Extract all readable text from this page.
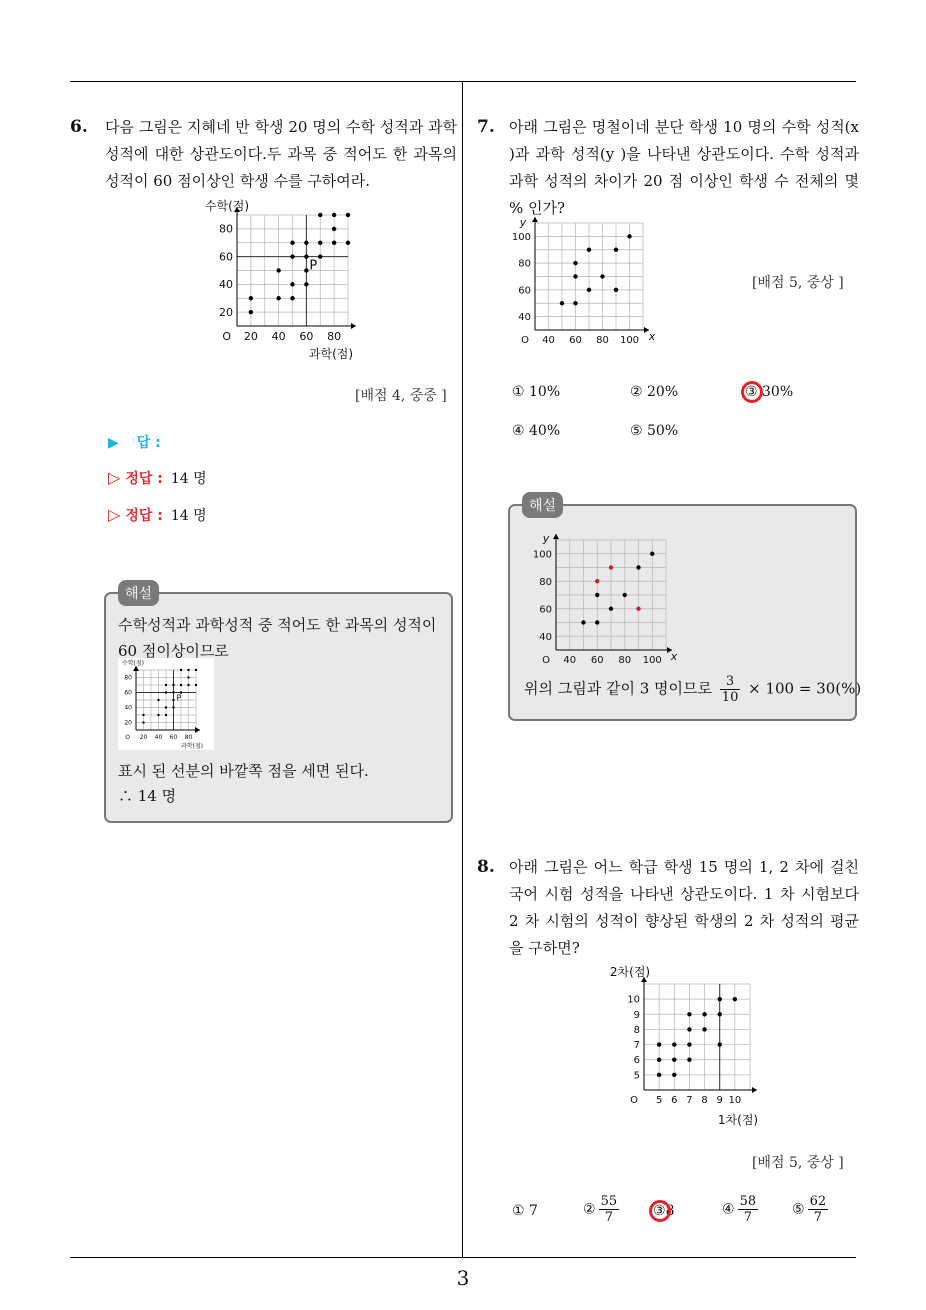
3
6. 다음 그림은 지혜네 반 학생 20 명의 수학 성적과 과학 성적에 대한 상관도이다.두 과목 중 적어도 한 과목의 성적이 60 점이상인 학생 수를 구하여라.
20 40 60 80
20
40
60
80
O
과학(점)
수학(점)
P
[배점 4, 중중 ]
▶ 답 :
▷ 정답 : 14 명
▷ 정답 : 14 명
수학성적과 과학성적 중 적어도 한 과목의 성적이
60 점이상이므로
20 40 60 80
20
40
60
80
O
과학(점)
수학(점)
P
표시 된 선분의 바깥쪽 점을 세면 된다.
∴ 14 명
해설
7. 아래 그림은 명철이네 분단 학생 10 명의 수학 성적(x )과 과학 성적(y )을 나타낸 상관도이다. 수학 성적과 과학 성적의 차이가 20 점 이상인 학생 수 전체의 몇 % 인가?
40 60 80 100
40
60
80
100
O	x
y
[배점 5, 중상 ]
① 10%	② 20%	③ 30%
④ 40%	⑤ 50%
40 60 80 100
40
60
80
100
O	x
y
위의 그림과 같이 3 명이므로 $\frac{3}{10} \times 100 = 30(\%)$
해설
8. 아래 그림은 어느 학급 학생 15 명의 1, 2 차에 걸친 국어 시험 성적을 나타낸 상관도이다. 1 차 시험보다 2 차 시험의 성적이 향상된 학생의 2 차 성적의 평균을 구하면?
5 6 7 8 9 10
5
6
7
8
9
10
O
1차(점)
2차(점)
[배점 5, 중상 ]
① 7	② $\frac{55}{7}$ ③8	④ $\frac{58}{7}$ ⑤ $\frac{62}{7}$
